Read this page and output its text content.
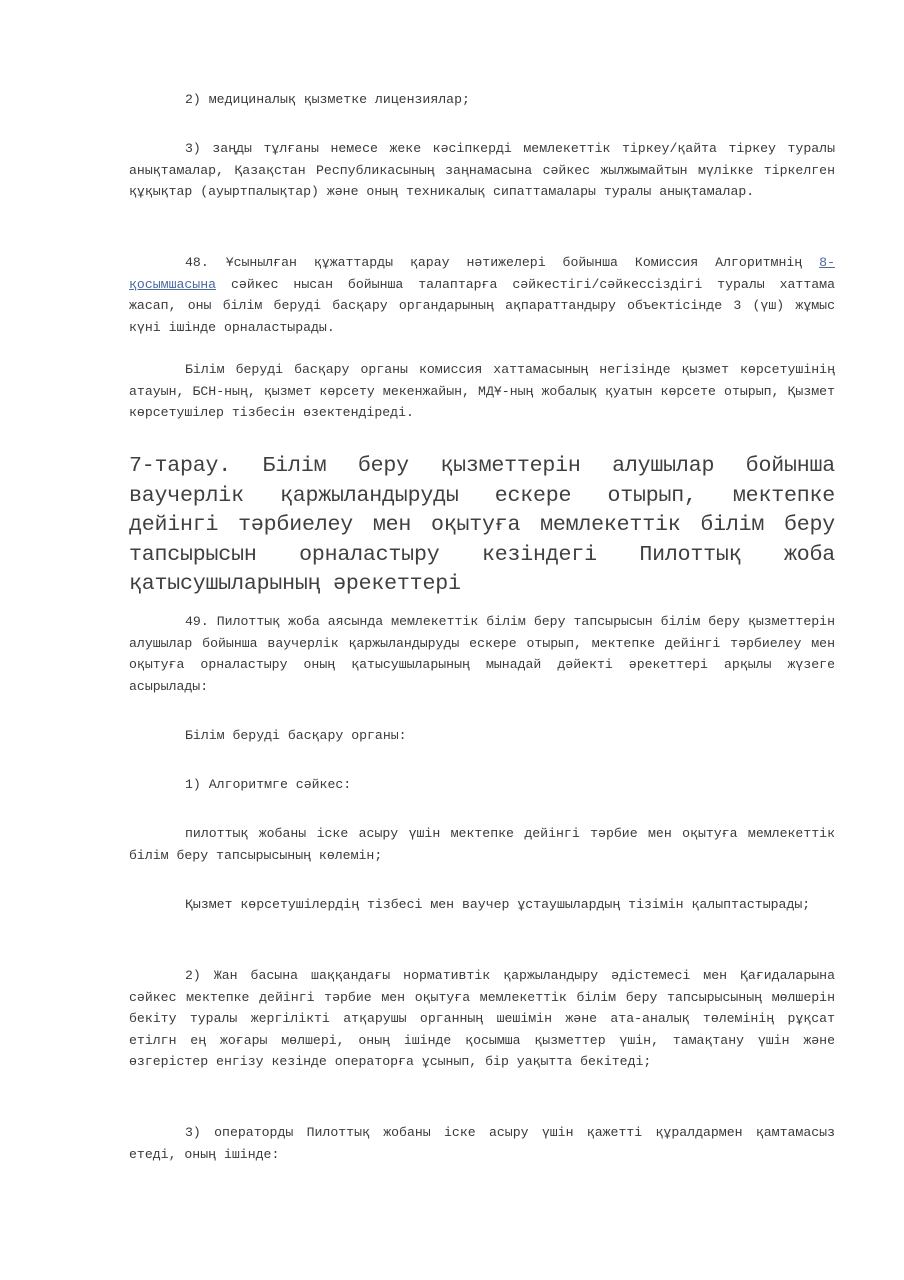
2) медициналық қызметке лицензиялар;

3) заңды тұлғаны немесе жеке кәсіпкерді мемлекеттік тіркеу/қайта тіркеу туралы анықтамалар, Қазақстан Республикасының заңнамасына сәйкес жылжымайтын мүлікке тіркелген құқықтар (ауыртпалықтар) және оның техникалық сипаттамалары туралы анықтамалар.

48. Ұсынылған құжаттарды қарау нәтижелері бойынша Комиссия Алгоритмнің 8-қосымшасына сәйкес нысан бойынша талаптарға сәйкестігі/сәйкессіздігі туралы хаттама жасап, оны білім беруді басқару органдарының ақпараттандыру объектісінде 3 (үш) жұмыс күні ішінде орналастырады.

Білім беруді басқару органы комиссия хаттамасының негізінде қызмет көрсетушінің атауын, БСН-ның, қызмет көрсету мекенжайын, МДҰ-ның жобалық қуатын көрсете отырып, Қызмет көрсетушілер тізбесін өзектендіреді.

7-тарау. Білім беру қызметтерін алушылар бойынша ваучерлік қаржыландыруды ескере отырып, мектепке дейінгі тәрбиелеу мен оқытуға мемлекеттік білім беру тапсырысын орналастыру кезіндегі Пилоттық жоба қатысушыларының әрекеттері

49. Пилоттық жоба аясында мемлекеттік білім беру тапсырысын білім беру қызметтерін алушылар бойынша ваучерлік қаржыландыруды ескере отырып, мектепке дейінгі тәрбиелеу мен оқытуға орналастыру оның қатысушыларының мынадай дәйекті әрекеттері арқылы жүзеге асырылады:

Білім беруді басқару органы:

1) Алгоритмге сәйкес:

пилоттық жобаны іске асыру үшін мектепке дейінгі тәрбие мен оқытуға мемлекеттік білім беру тапсырысының көлемін;

Қызмет көрсетушілердің тізбесі мен ваучер ұстаушылардың тізімін қалыптастырады;

2) Жан басына шаққандағы нормативтік қаржыландыру әдістемесі мен Қағидаларына сәйкес мектепке дейінгі тәрбие мен оқытуға мемлекеттік білім беру тапсырысының мөлшерін бекіту туралы жергілікті атқарушы органның шешімін және ата-аналық төлемінің рұқсат етілгн ең жоғары мөлшері, оның ішінде қосымша қызметтер үшін, тамақтану үшін және өзгерістер енгізу кезінде операторға ұсынып, бір уақытта бекітеді;

3) операторды Пилоттық жобаны іске асыру үшін қажетті құралдармен қамтамасыз етеді, оның ішінде:
